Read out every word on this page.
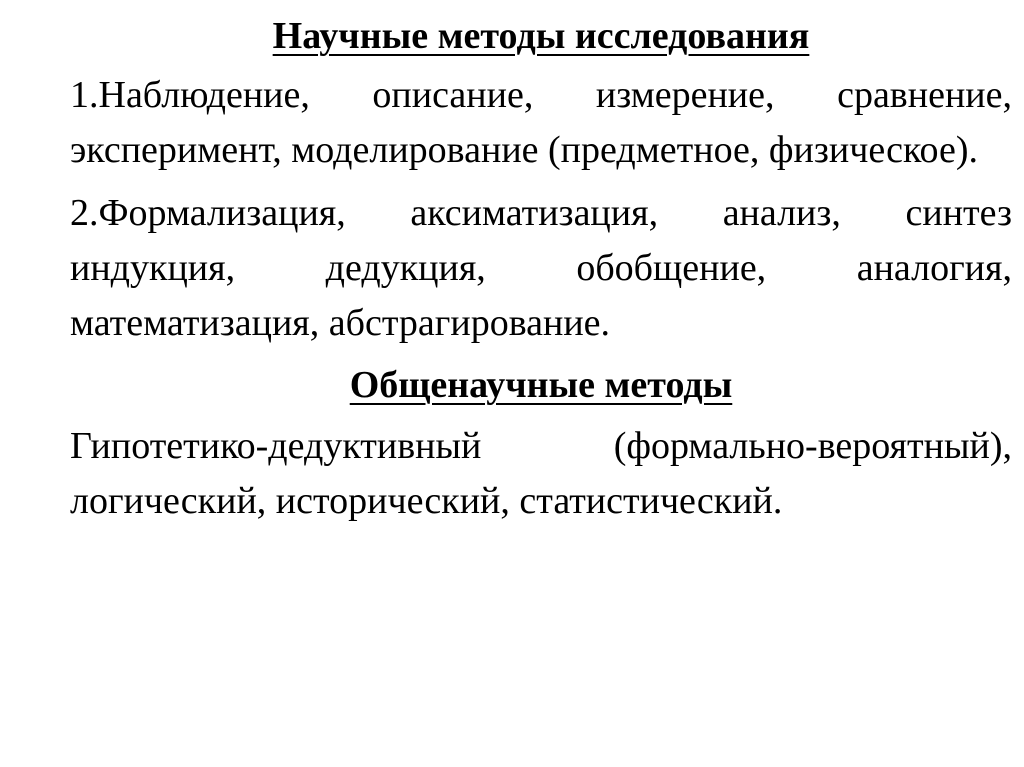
Научные методы исследования

1.Наблюдение, описание, измерение, сравнение, эксперимент, моделирование (предметное, физическое).

2.Формализация, аксиматизация, анализ, синтез индукция, дедукция, обобщение, аналогия, математизация, абстрагирование.

Общенаучные методы

Гипотетико-дедуктивный (формально-вероятный), логический, исторический, статистический.
